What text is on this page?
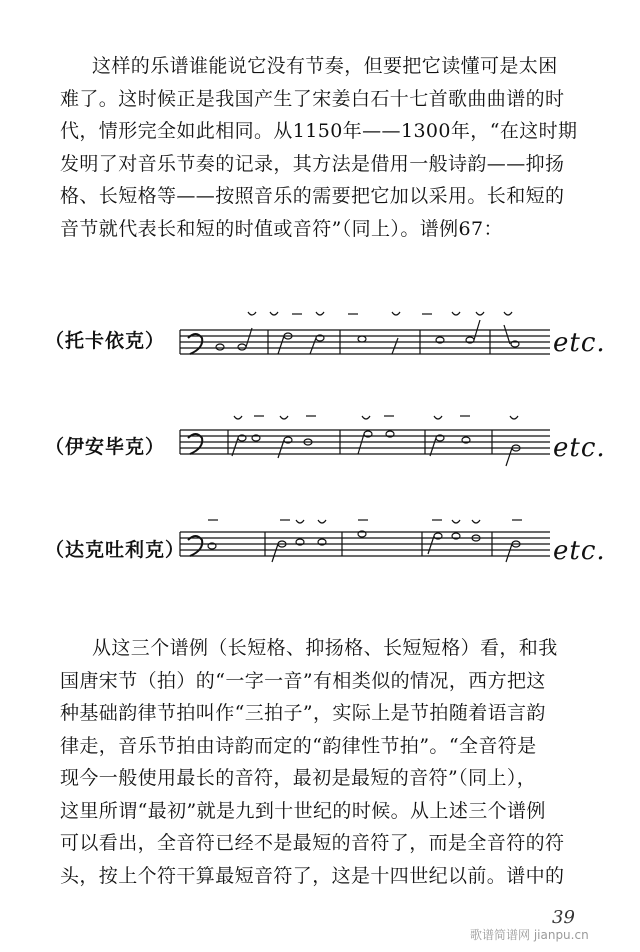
这样的乐谱谁能说它没有节奏，但要把它读懂可是太困
难了。这时候正是我国产生了宋姜白石十七首歌曲曲谱的时
代，情形完全如此相同。从1150年——1300年，“在这时期
发明了对音乐节奏的记录，其方法是借用一般诗韵——抑扬
格、长短格等——按照音乐的需要把它加以采用。长和短的
音节就代表长和短的时值或音符”（同上）。谱例67：
（托卡依克）	etc.
（伊安毕克）	etc.
（达克吐利克）	etc.
从这三个谱例（长短格、抑扬格、长短短格）看，和我
国唐宋节（拍）的“一字一音”有相类似的情况，西方把这
种基础韵律节拍叫作“三拍子”，实际上是节拍随着语言韵
律走，音乐节拍由诗韵而定的“韵律性节拍”。“全音符是
现今一般使用最长的音符，最初是最短的音符”（同上），
这里所谓“最初”就是九到十世纪的时候。从上述三个谱例
可以看出，全音符已经不是最短的音符了，而是全音符的符
头，按上个符干算最短音符了，这是十四世纪以前。谱中的
39
歌谱简谱网 jianpu.cn
